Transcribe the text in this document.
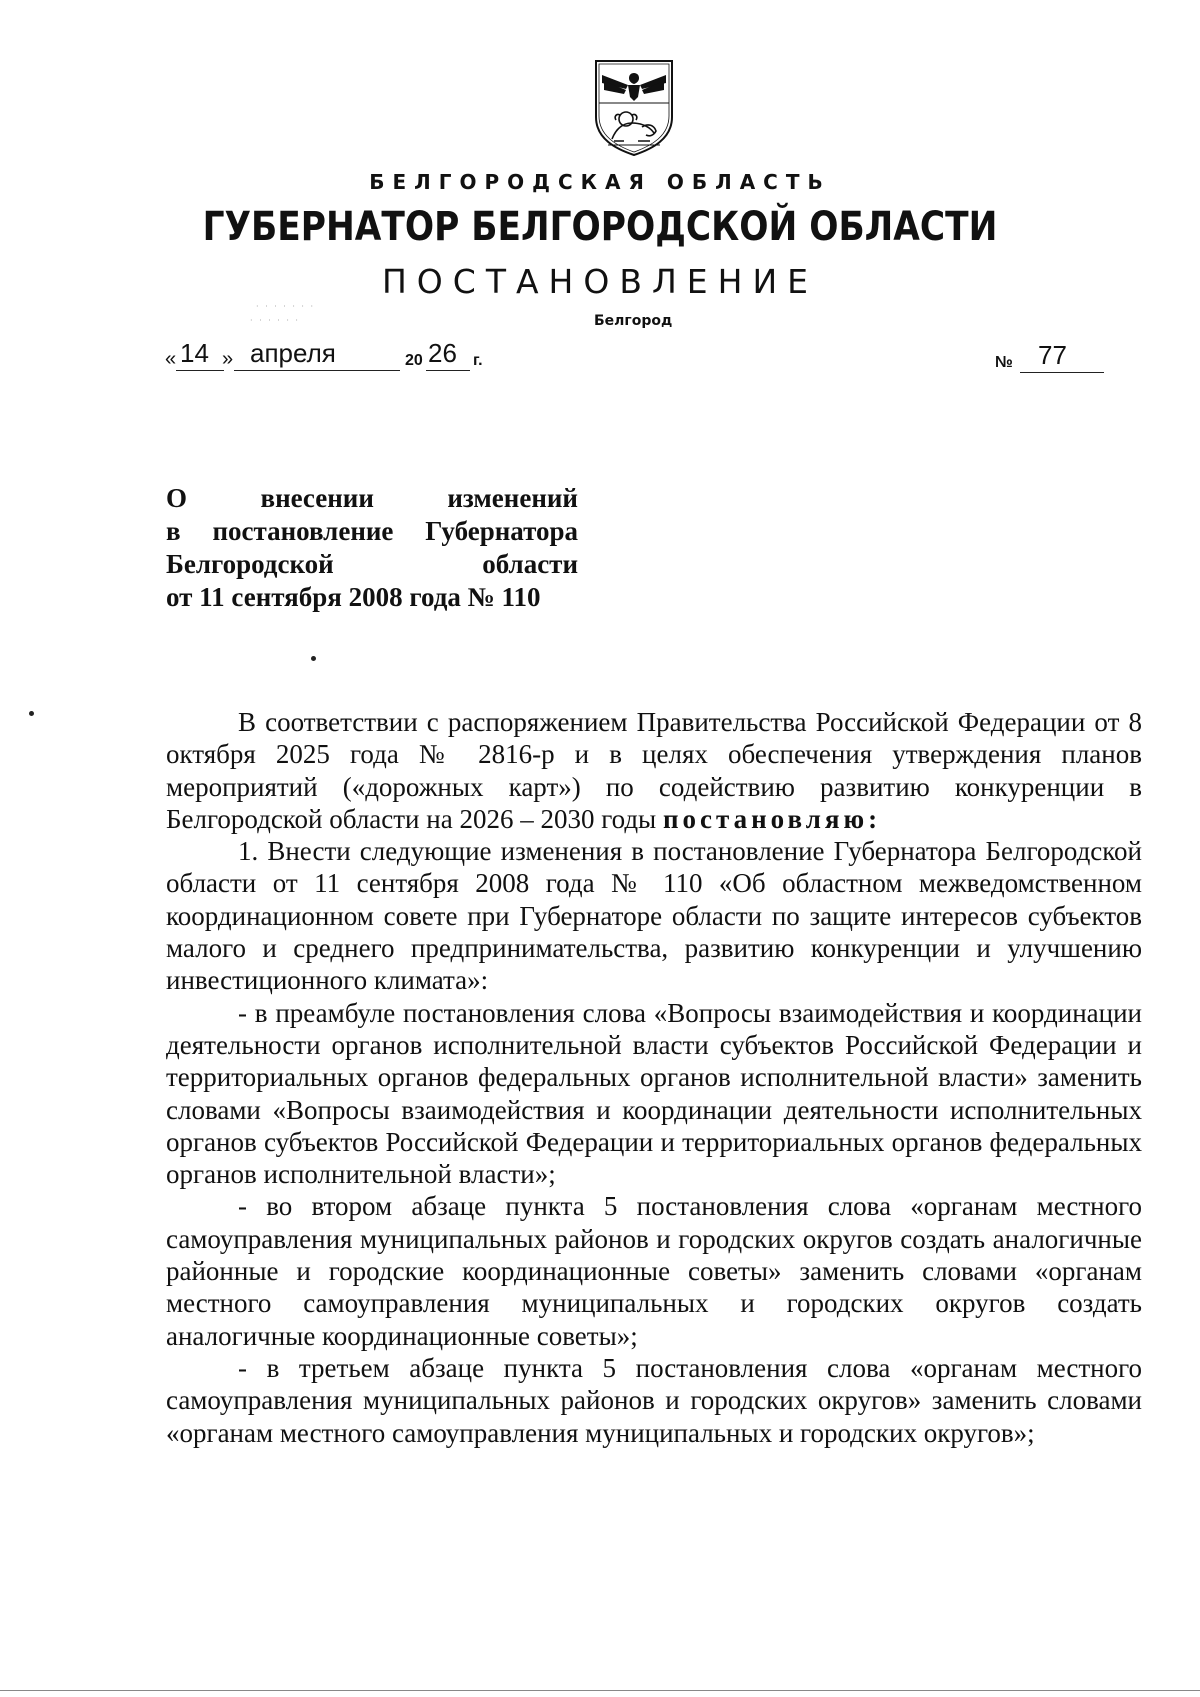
БЕЛГОРОДСКАЯ ОБЛАСТЬ
ГУБЕРНАТОР БЕЛГОРОДСКОЙ ОБЛАСТИ
ПОСТАНОВЛЕНИЕ
· · · · · · ·
· · · · · ·	Белгород
« 14 » апреля	20 26 г.	№ 77
О	внесении	изменений
в постановление Губернатора
Белгородской	области
от 11 сентября 2008 года № 110

В соответствии с распоряжением Правительства Российской Федерации от 8 октября 2025 года № 2816-р и в целях обеспечения утверждения планов мероприятий («дорожных карт») по содействию развитию конкуренции в Белгородской области на 2026 – 2030 годы постановляю:

1. Внести следующие изменения в постановление Губернатора Белгородской области от 11 сентября 2008 года № 110 «Об областном межведомственном координационном совете при Губернаторе области по защите интересов субъектов малого и среднего предпринимательства, развитию конкуренции и улучшению инвестиционного климата»:

- в преамбуле постановления слова «Вопросы взаимодействия и координации деятельности органов исполнительной власти субъектов Российской Федерации и территориальных органов федеральных органов исполнительной власти» заменить словами «Вопросы взаимодействия и координации деятельности исполнительных органов субъектов Российской Федерации и территориальных органов федеральных органов исполнительной власти»;

- во втором абзаце пункта 5 постановления слова «органам местного самоуправления муниципальных районов и городских округов создать аналогичные районные и городские координационные советы» заменить словами «органам местного самоуправления муниципальных и городских округов создать аналогичные координационные советы»;

- в третьем абзаце пункта 5 постановления слова «органам местного самоуправления муниципальных районов и городских округов» заменить словами «органам местного самоуправления муниципальных и городских округов»;
